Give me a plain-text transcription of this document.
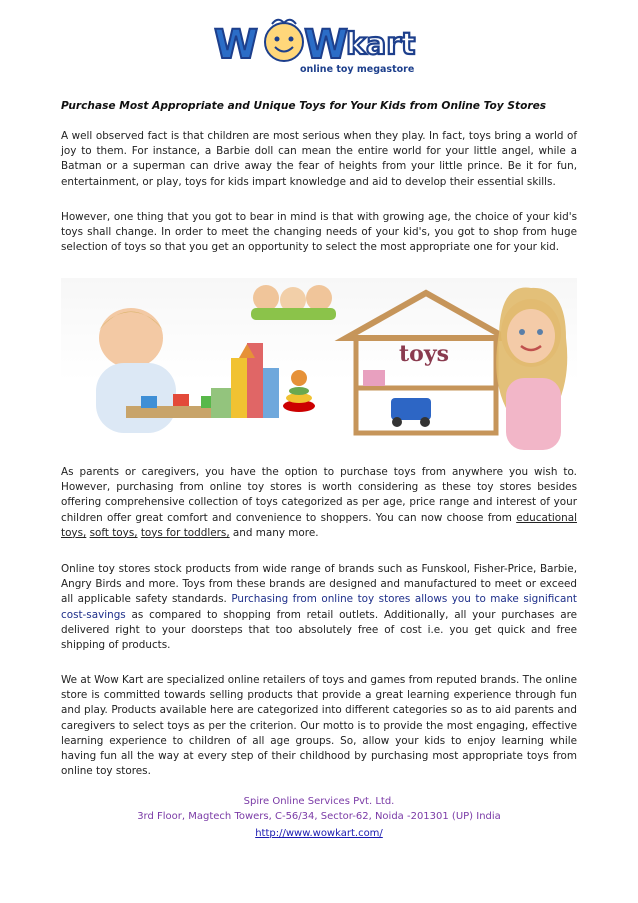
W W
kart
online toy megastore
Purchase Most Appropriate and Unique Toys for Your Kids from Online Toy Stores

A well observed fact is that children are most serious when they play. In fact, toys bring a world of joy to them. For instance, a Barbie doll can mean the entire world for your little angel, while a Batman or a superman can drive away the fear of heights from your little prince. Be it for fun, entertainment, or play, toys for kids impart knowledge and aid to develop their essential skills.

However, one thing that you got to bear in mind is that with growing age, the choice of your kid's toys shall change. In order to meet the changing needs of your kid's, you got to shop from huge selection of toys so that you get an opportunity to select the most appropriate one for your kid.

toys

As parents or caregivers, you have the option to purchase toys from anywhere you wish to. However, purchasing from online toy stores is worth considering as these toy stores besides offering comprehensive collection of toys categorized as per age, price range and interest of your children offer great comfort and convenience to shoppers. You can now choose from educational toys, soft toys, toys for toddlers, and many more.

Online toy stores stock products from wide range of brands such as Funskool, Fisher-Price, Barbie, Angry Birds and more. Toys from these brands are designed and manufactured to meet or exceed all applicable safety standards. Purchasing from online toy stores allows you to make significant cost-savings as compared to shopping from retail outlets. Additionally, all your purchases are delivered right to your doorsteps that too absolutely free of cost i.e. you get quick and free shipping of products.

We at Wow Kart are specialized online retailers of toys and games from reputed brands. The online store is committed towards selling products that provide a great learning experience through fun and play. Products available here are categorized into different categories so as to aid parents and caregivers to select toys as per the criterion. Our motto is to provide the most engaging, effective learning experience to children of all age groups. So, allow your kids to enjoy learning while having fun all the way at every step of their childhood by purchasing most appropriate toys from online toy stores.

Spire Online Services Pvt. Ltd.
3rd Floor, Magtech Towers, C-56/34, Sector-62, Noida -201301 (UP) India
http://www.wowkart.com/
